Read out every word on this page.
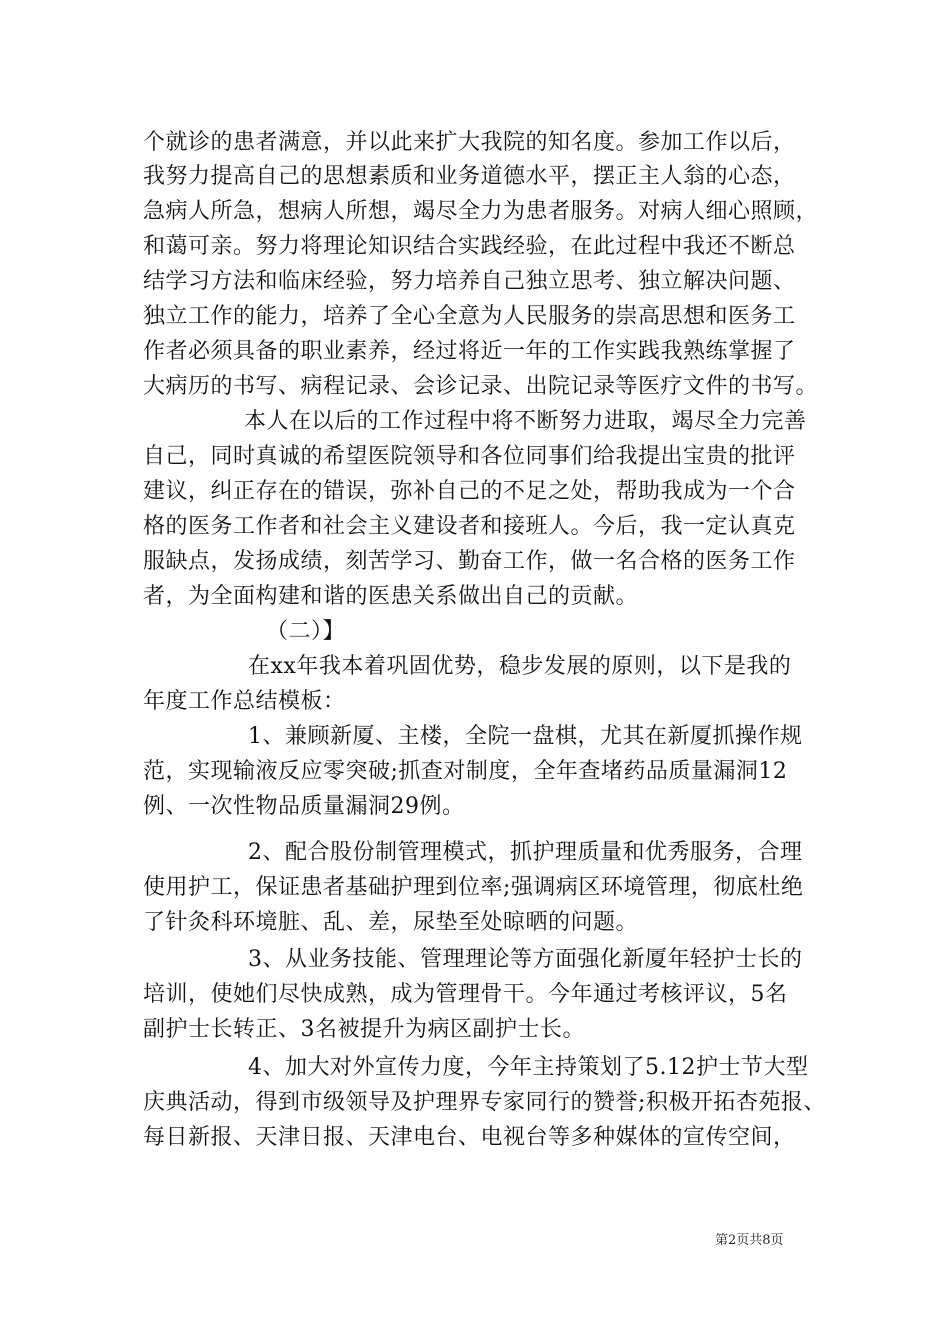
个就诊的患者满意，并以此来扩大我院的知名度。参加工作以后，
我努力提高自己的思想素质和业务道德水平，摆正主人翁的心态，
急病人所急，想病人所想，竭尽全力为患者服务。对病人细心照顾，
和蔼可亲。努力将理论知识结合实践经验，在此过程中我还不断总
结学习方法和临床经验，努力培养自己独立思考、独立解决问题、
独立工作的能力，培养了全心全意为人民服务的崇高思想和医务工
作者必须具备的职业素养，经过将近一年的工作实践我熟练掌握了
大病历的书写、病程记录、会诊记录、出院记录等医疗文件的书写。
本人在以后的工作过程中将不断努力进取，竭尽全力完善
自己，同时真诚的希望医院领导和各位同事们给我提出宝贵的批评
建议，纠正存在的错误，弥补自己的不足之处，帮助我成为一个合
格的医务工作者和社会主义建设者和接班人。今后，我一定认真克
服缺点，发扬成绩，刻苦学习、勤奋工作，做一名合格的医务工作
者，为全面构建和谐的医患关系做出自己的贡献。
（二）】
在xx年我本着巩固优势，稳步发展的原则，以下是我的
年度工作总结模板：
1、兼顾新厦、主楼，全院一盘棋，尤其在新厦抓操作规
范，实现输液反应零突破;抓查对制度，全年查堵药品质量漏洞12
例、一次性物品质量漏洞29例。
2、配合股份制管理模式，抓护理质量和优秀服务，合理
使用护工，保证患者基础护理到位率;强调病区环境管理，彻底杜绝
了针灸科环境脏、乱、差，尿垫至处晾晒的问题。
3、从业务技能、管理理论等方面强化新厦年轻护士长的
培训，使她们尽快成熟，成为管理骨干。今年通过考核评议，5名
副护士长转正、3名被提升为病区副护士长。
4、加大对外宣传力度，今年主持策划了5.12护士节大型
庆典活动，得到市级领导及护理界专家同行的赞誉;积极开拓杏苑报、
每日新报、天津日报、天津电台、电视台等多种媒体的宣传空间，
第2页共8页
